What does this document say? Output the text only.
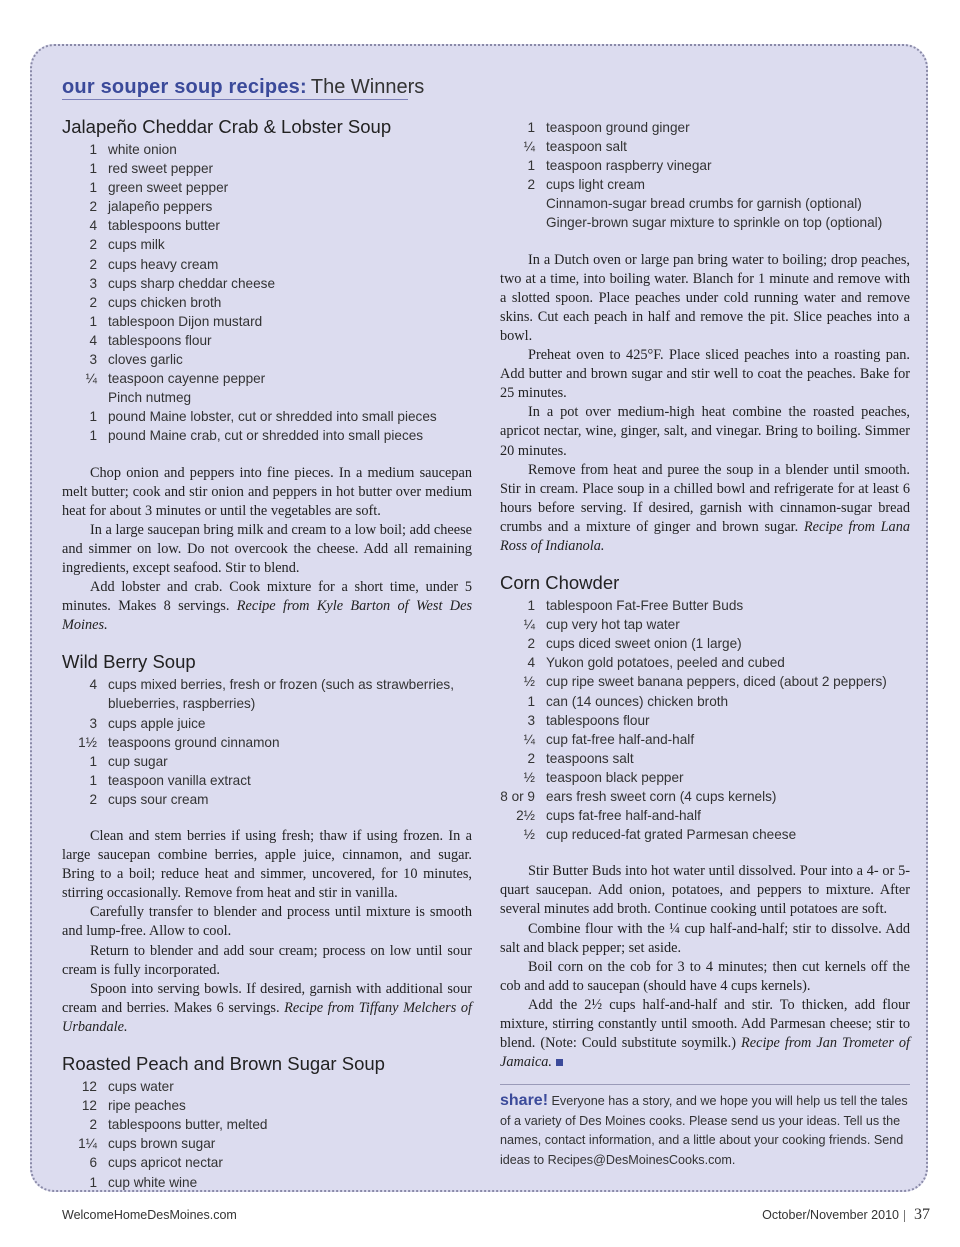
our souper soup recipes: The Winners
Jalapeño Cheddar Crab & Lobster Soup
1 white onion
1 red sweet pepper
1 green sweet pepper
2 jalapeño peppers
4 tablespoons butter
2 cups milk
2 cups heavy cream
3 cups sharp cheddar cheese
2 cups chicken broth
1 tablespoon Dijon mustard
4 tablespoons flour
3 cloves garlic
¼ teaspoon cayenne pepper
Pinch nutmeg
1 pound Maine lobster, cut or shredded into small pieces
1 pound Maine crab, cut or shredded into small pieces

Chop onion and peppers into fine pieces. In a medium saucepan melt butter; cook and stir onion and peppers in hot butter over medium heat for about 3 minutes or until the vegetables are soft.

In a large saucepan bring milk and cream to a low boil; add cheese and simmer on low. Do not overcook the cheese. Add all remaining ingredients, except seafood. Stir to blend.

Add lobster and crab. Cook mixture for a short time, under 5 minutes. Makes 8 servings. Recipe from Kyle Barton of West Des Moines.

Wild Berry Soup
4 cups mixed berries, fresh or frozen (such as strawberries, blueberries, raspberries)
3 cups apple juice
1½ teaspoons ground cinnamon
1 cup sugar
1 teaspoon vanilla extract
2 cups sour cream

Clean and stem berries if using fresh; thaw if using frozen. In a large saucepan combine berries, apple juice, cinnamon, and sugar. Bring to a boil; reduce heat and simmer, uncovered, for 10 minutes, stirring occasionally. Remove from heat and stir in vanilla.

Carefully transfer to blender and process until mixture is smooth and lump-free. Allow to cool.

Return to blender and add sour cream; process on low until sour cream is fully incorporated.

Spoon into serving bowls. If desired, garnish with additional sour cream and berries. Makes 6 servings. Recipe from Tiffany Melchers of Urbandale.

Roasted Peach and Brown Sugar Soup
12 cups water
12 ripe peaches
2 tablespoons butter, melted
1¼ cups brown sugar
6 cups apricot nectar
1 cup white wine
1 teaspoon ground ginger
¼ teaspoon salt
1 teaspoon raspberry vinegar
2 cups light cream
Cinnamon-sugar bread crumbs for garnish (optional)
Ginger-brown sugar mixture to sprinkle on top (optional)

In a Dutch oven or large pan bring water to boiling; drop peaches, two at a time, into boiling water. Blanch for 1 minute and remove with a slotted spoon. Place peaches under cold running water and remove skins. Cut each peach in half and remove the pit. Slice peaches into a bowl.

Preheat oven to 425°F. Place sliced peaches into a roasting pan. Add butter and brown sugar and stir well to coat the peaches. Bake for 25 minutes.

In a pot over medium-high heat combine the roasted peaches, apricot nectar, wine, ginger, salt, and vinegar. Bring to boiling. Simmer 20 minutes.

Remove from heat and puree the soup in a blender until smooth. Stir in cream. Place soup in a chilled bowl and refrigerate for at least 6 hours before serving. If desired, garnish with cinnamon-sugar bread crumbs and a mixture of ginger and brown sugar. Recipe from Lana Ross of Indianola.

Corn Chowder
1 tablespoon Fat-Free Butter Buds
¼ cup very hot tap water
2 cups diced sweet onion (1 large)
4 Yukon gold potatoes, peeled and cubed
½ cup ripe sweet banana peppers, diced (about 2 peppers)
1 can (14 ounces) chicken broth
3 tablespoons flour
¼ cup fat-free half-and-half
2 teaspoons salt
½ teaspoon black pepper
8 or 9 ears fresh sweet corn (4 cups kernels)
2½ cups fat-free half-and-half
½ cup reduced-fat grated Parmesan cheese

Stir Butter Buds into hot water until dissolved. Pour into a 4- or 5-quart saucepan. Add onion, potatoes, and peppers to mixture. After several minutes add broth. Continue cooking until potatoes are soft.

Combine flour with the ¼ cup half-and-half; stir to dissolve. Add salt and black pepper; set aside.

Boil corn on the cob for 3 to 4 minutes; then cut kernels off the cob and add to saucepan (should have 4 cups kernels).

Add the 2½ cups half-and-half and stir. To thicken, add flour mixture, stirring constantly until smooth. Add Parmesan cheese; stir to blend. (Note: Could substitute soymilk.) Recipe from Jan Trometer of Jamaica.

share! Everyone has a story, and we hope you will help us tell the tales of a variety of Des Moines cooks. Please send us your ideas. Tell us the names, contact information, and a little about your cooking friends. Send ideas to Recipes@DesMoinesCooks.com.
WelcomeHomeDesMoines.com	October/November 2010 37
